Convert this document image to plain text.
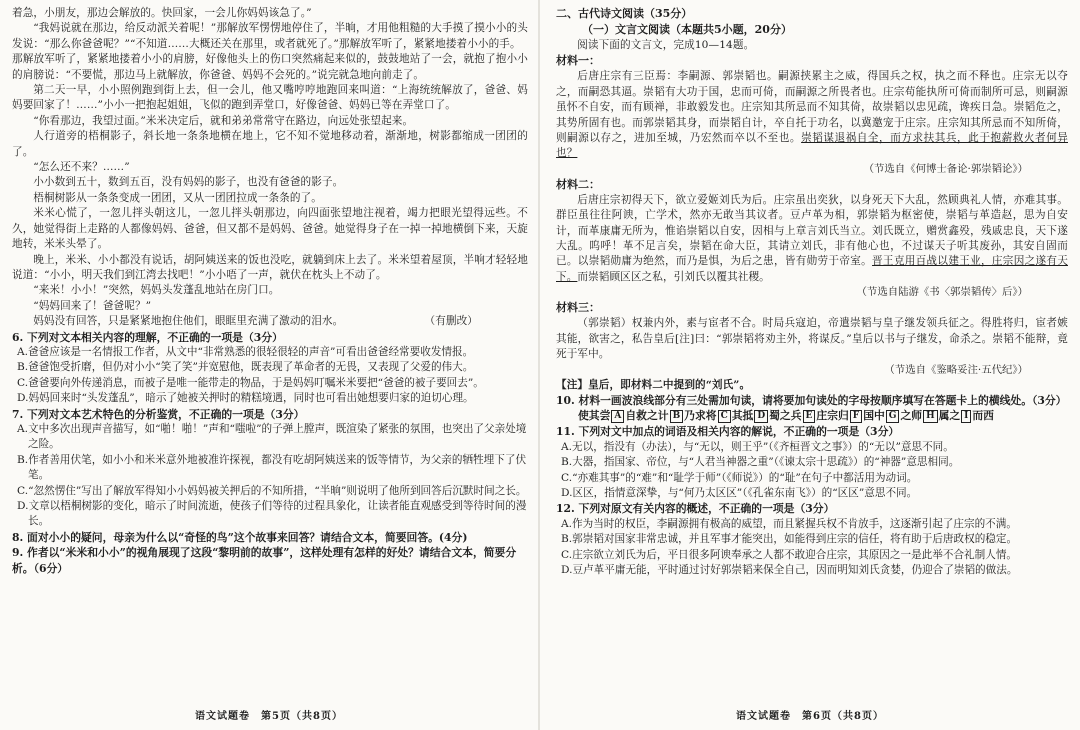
着急，小朋友，那边会解放的。快回家，一会儿你妈妈该急了。”

“我妈说就在那边，给反动派关着呢！”那解放军愣愣地停住了，半晌，才用他粗糙的大手摸了摸小小的头发说：“那么你爸爸呢？”“不知道……大概还关在那里，或者就死了。”那解放军听了，紧紧地搂着小小的手。

那解放军听了，紧紧地搂着小小的肩膀，好像他头上的伤口突然痛起来似的，鼓鼓地站了一会，就抱了抱小小的肩膀说：“不要慌，那边马上就解放，你爸爸、妈妈不会死的。”说完就急地向前走了。

第二天一早，小小照例跑到街上去，但一会儿，他又嘴哼哼地跑回来叫道：“上海统统解放了，爸爸、妈妈要回家了！……”小小一把抱起姐姐，飞似的跑到弄堂口，好像爸爸、妈妈已等在弄堂口了。

“你看那边，我望过面。”米米决定后，就和弟弟常常守在路边，向远处张望起来。

人行道旁的梧桐影子，斜长地一条条地横在地上，它不知不觉地移动着，渐渐地，树影都缩成一团团的了。

“怎么还不来？……”

小小数到五十，数到五百，没有妈妈的影子，也没有爸爸的影子。

梧桐树影从一条条变成一团团，又从一团团拉成一条条的了。

米米心慌了，一忽儿拌头朝这儿，一忽儿拌头朝那边，向四面张望地注视着，竭力把眼光望得远些。不久，她觉得街上走路的人都像妈妈、爸爸，但又都不是妈妈、爸爸。她觉得身子在一掉一掉地横倒下来，天旋地转，米米头晕了。

晚上，米米、小小都没有说话，胡阿姨送来的饭也没吃，就躺到床上去了。米米望着屋顶，半响才轻轻地说道：“小小，明天我们到江湾去找吧！”小小唔了一声，就伏在枕头上不动了。

“来米！小小！”突然，妈妈头发蓬乱地站在房门口。

“妈妈回来了！爸爸呢？”

妈妈没有回答，只是紧紧地抱住他们，眼眶里充满了激动的泪水。	（有删改）

6. 下列对文本相关内容的理解，不正确的一项是（3分）

A.爸爸应该是一名情报工作者，从文中“非常熟悉的很轻很轻的声音”可看出爸爸经常要收发情报。

B.爸爸饱受折磨，但仍对小小“笑了笑”并宽慰他，既表现了革命者的无畏，又表现了父爱的伟大。

C.爸爸要向外传递消息，而被子是唯一能带走的物品，于是妈妈叮嘱米米要把“爸爸的被子要回去”。

D.妈妈回来时“头发蓬乱”，暗示了她被关押时的精糕境遇，同时也可看出她想要归家的迫切心理。

7. 下列对文本艺术特色的分析鉴赏，不正确的一项是（3分）

A.文中多次出现声音描写，如“啪！啪！”声和“嗤啦”的子弹上膛声，既渲染了紧张的氛围，也突出了父亲处境之险。

B.作者善用伏笔，如小小和米米意外地被准许探视，都没有吃胡阿姨送来的饭等情节，为父亲的牺牲埋下了伏笔。

C.“忽然愣住”写出了解放军得知小小妈妈被关押后的不知所措，“半晌”则说明了他所到回答后沉默时间之长。

D.文章以梧桐树影的变化，暗示了时间流逝，使孩子们等待的过程具象化，让读者能直观感受到等待时间的漫长。

8. 面对小小的疑问，母亲为什么以“奇怪的鸟”这个故事来回答？请结合文本，简要回答。(4分)

9. 作者以“米米和小小”的视角展现了这段“黎明前的故事”，这样处理有怎样的好处？请结合文本，简要分析。（6分）

语文试题卷　第5页（共8页）

二、古代诗文阅读（35分）

（一）文言文阅读（本题共5小题，20分）

阅读下面的文言文，完成10—14题。

材料一：

后唐庄宗有三臣焉：李嗣源、郭崇韬也。嗣源挟累主之威，得国兵之权，执之而不释也。庄宗无以夺之，而嗣恐其逼。崇韬有大功于国，忠而可倚，而嗣源之所畏者也。庄宗苟能执所可倚而制所可忌，则嗣源虽怀不自安，而有顾禅，非敢毅发也。庄宗知其所忌而不知其倚，故崇韬以忠见疏，谗疾日急。崇韬危之，其势所固有也。而郭崇韬其身，而崇韬自计，卒自托于功名，以冀邀宠于庄宗。庄宗知其所忌而不知所倚，则嗣源以存之，进加至城，乃宏然而卒以不至也。崇韬谋退祸自全，而方求扶其兵，此于抱薪救火者何异也？

（节选自《何博士备论·郭崇韬论》）

材料二：

后唐庄宗初得天下，欲立爱姬刘氏为后。庄宗虽出奕狄，以身死天下大乱，然顾典礼人情，亦难其事。群臣虽往往阿谀，亡学术，然亦无敢当其议者。豆卢革为相，郭崇韬为枢密使，崇韬与革造赵，思为自安计，而革康庸无所为，惟谄崇韬以自安，因相与上章言刘氏当立。刘氏既立，赠赏鑫殁，残戚忠良，天下遂大乱。呜呼！革不足言矣，崇韬在命大臣，其请立刘氏，非有他心也，不过谋天子听其废孙，其安自固而已。以崇韬勋庸为绝然，而乃是惧，为后之患，皆有勋劳于帝室。晋王克用百战以建王业，庄宗因之遂有天下。而崇韬顾区区之私，引刘氏以覆其社稷。

（节选自陆游《书〈郭崇韬传〉后》）

材料三：

（郭崇韬）权兼内外，素与宦者不合。时局兵寇迫，帝遣崇韬与皇子继发领兵征之。得胜将归，宦者嫉其能，欲害之，私告皇后[注]曰：“郭崇韬将劝主外，将谋反。”皇后以书与子继发，命杀之。崇韬不能辩，竟死于军中。

（节选自《鉴略妥注·五代纪》）

【注】皇后，即材料二中提到的“刘氏”。

10. 材料一画波浪线部分有三处需加句读，请将要加句读处的字母按顺序填写在答题卡上的横线处。（3分）

使其尝 A 自救之计 B 乃求将 C 其抵 D 蜀之兵 E 庄宗归 F 国中 G 之师 H 属之 I 而西

11. 下列对文中加点的词语及相关内容的解说，不正确的一项是（3分）

A.无以，指没有（办法），与“无以，则王乎”（《齐桓晋文之事》）的“无以”意思不同。

B.大器，指国家、帝位，与“人君当神器之重”（《谏太宗十思疏》）的“神器”意思相同。

C.“亦难其事”的“难”和“耻学于师”（《师说》）的“耻”在句子中都活用为动词。

D.区区，指情意深挚，与“何乃太区区”（《孔雀东南飞》）的“区区”意思不同。

12. 下列对原文有关内容的概述，不正确的一项是（3分）

A.作为当时的权臣，李嗣源拥有极高的威望，而且紧握兵权不肯放手，这逐渐引起了庄宗的不满。

B.郭崇韬对国家非常忠诚，并且军事才能突出，如能得到庄宗的信任，将有助于后唐政权的稳定。

C.庄宗欲立刘氏为后，平日很多阿谀奉承之人都不敢迎合庄宗，其原因之一是此举不合礼制人情。

D.豆卢革平庸无能，平时通过讨好郭崇韬来保全自己，因而明知刘氏贪婪，仍迎合了崇韬的做法。

语文试题卷　第6页（共8页）
